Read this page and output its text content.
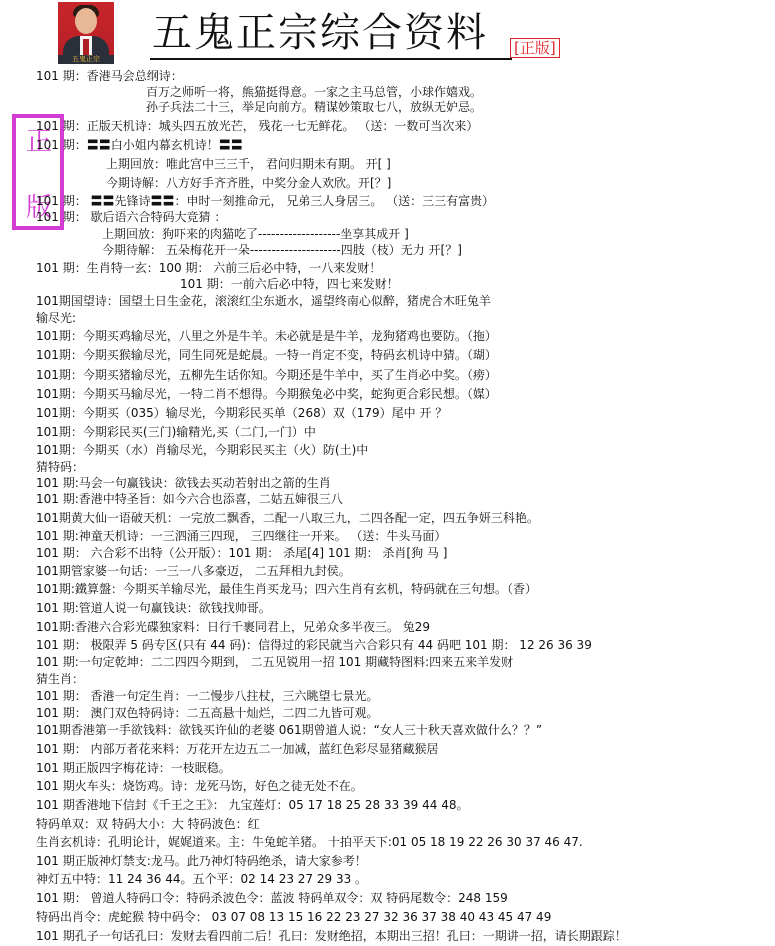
五鬼正宗
五鬼正宗综合资料 [正版]
正
版
101 期：香港马会总纲诗：
百万之师听一将，熊猫挺得意。一家之主马总管，小球作嬉戏。
孙子兵法二十三，举足向前方。精谋妙策取七八，放纵无妒忌。
101 期：正版天机诗：城头四五放光芒， 残花一七无鲜花。 （送：一数可当次来）
101 期：〓〓白小姐内幕玄机诗！〓〓
上期回放：唯此宫中三三千， 君问归期未有期。 开[ ]
今期诗解：八方好手齐齐胜，中奖分金人欢欣。开[？]
101 期： 〓〓先锋诗〓〓：申时一刻推命元， 兄弟三人身居三。 （送：三三有富贵）
101 期： 歇后语六合特码大竞猜 ：
上期回放：狗吓来的肉猫吃了-------------------坐享其成开 ]
今期待解： 五朵梅花开一朵---------------------四肢（枝）无力 开[？]
101 期：生肖特一玄：100 期： 六前三后必中特，一八来发财！
101 期：一前六后必中特，四七来发财！
101期国望诗：国望土日生金花，滚滚红尘东逝水，遥望终南心似醉，猪虎合木旺兔羊
输尽光:
101期：今期买鸡输尽光，八里之外是牛羊。未必就是是牛羊，龙狗猪鸡也要防。（拖）
101期：今期买猴输尽光，同生同死是蛇晨。一特一肖定不变，特码玄机诗中猜。（瑚）
101期：今期买猪输尽光，五柳先生话你知。今期还是牛羊中，买了生肖必中奖。（痨）
101期：今期买马输尽光，一特二肖不想得。今期猴兔必中奖，蛇狗更合彩民想。（媒）
101期：今期买（035）输尽光，今期彩民买单（268）双（179）尾中 开 ？
101期：今期彩民买(三门)输精光,买（二门,一门）中
101期：今期买（水）肖输尽光，今期彩民买主（火）防(土)中
猜特码：
101 期:马会一句赢钱诀：欲钱去买动若射出之箭的生肖
101 期:香港中特圣旨：如今六合也添喜，二姑五婶很三八
101期黄大仙一语破天机：一完放二飘香，二配一八取三九，二四各配一定，四五争妍三科艳。
101 期:神童天机诗：一三泗涌三四现， 三四继往一开来。 （送：牛头马面）
101 期： 六合彩不出特（公开版）：101 期： 杀尾[4] 101 期： 杀肖[狗 马 ]
101期管家婆一句话：一三一八多豪迈， 二五拜相九封侯。
101期:鐵算盤：今期买羊输尽光，最佳生肖买龙马；四六生肖有玄机，特码就在三句想。（香）
101 期:管道人说一句赢钱诀：欲钱找帅哥。
101期:香港六合彩光碟独家料：日行千裹同君上，兄弟众多半夜三。 兔29
101 期： 极限弄 5 码专区(只有 44 码)：信得过的彩民就当六合彩只有 44 码吧 101 期： 12 26 36 39
101 期:一句定乾坤：二二四四今期到， 二五见锐用一招 101 期藏特图料:四来五来羊发财
猜生肖：
101 期： 香港一句定生肖：一二慢步八拄杖，三六眺望七景光。
101 期： 澳门双色特码诗：二五高悬十灿烂，二四二九皆可观。
101期香港第一手欲钱料：欲钱买许仙的老婆 061期曾道人说：“女人三十秋天喜欢做什么？？”
101 期： 内部万者花来料：万花开左边五二一加减，蓝红色彩尽显猪藏猴居
101 期正版四字梅花诗：一枝眠稳。
101 期火车头：烧饬鸡。诗：龙死马饬，好色之徒无处不在。
101 期香港地下信封《千王之王》： 九宝莲灯：05 17 18 25 28 33 39 44 48。
特码单双：双 特码大小：大 特码波色：红
生肖玄机诗：孔明论计，娓娓道来。主：牛兔蛇羊猪。 十拍平天下:01 05 18 19 22 26 30 37 46 47.
101 期正版神灯禁支:龙马。此乃神灯特码绝杀，请大家参考！
神灯五中特：11 24 36 44。五个平：02 14 23 27 29 33 。
101 期： 曾道人特码口令：特码杀波色令：蓝波 特码单双令：双 特码尾数令：248 159
特码出肖令：虎蛇猴 特中码令： 03 07 08 13 15 16 22 23 27 32 36 37 38 40 43 45 47 49
101 期孔子一句话孔曰：发财去看四前二后！孔曰：发财绝招，本期出三招！孔曰：一期讲一招，请长期跟踪！
